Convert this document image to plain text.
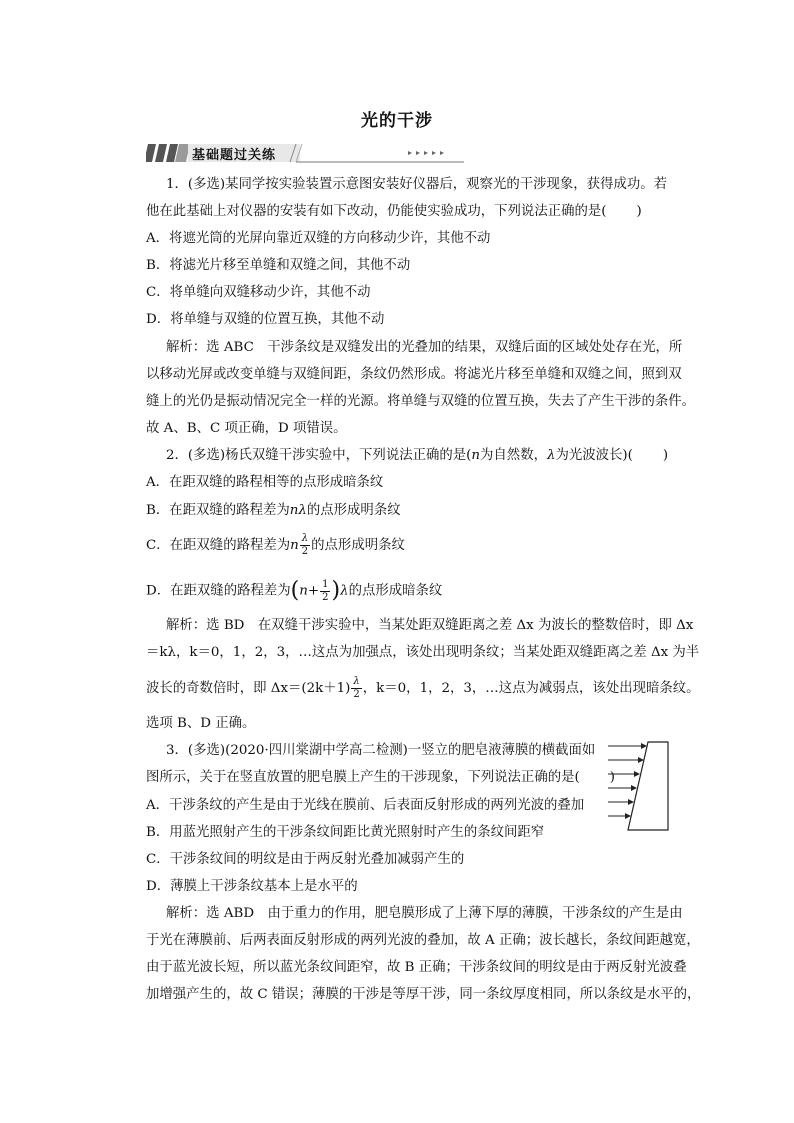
光的干涉
基础题过关练
1．(多选)某同学按实验装置示意图安装好仪器后，观察光的干涉现象，获得成功。若
他在此基础上对仪器的安装有如下改动，仍能使实验成功，下列说法正确的是( )
A．将遮光筒的光屏向靠近双缝的方向移动少许，其他不动
B．将滤光片移至单缝和双缝之间，其他不动
C．将单缝向双缝移动少许，其他不动
D．将单缝与双缝的位置互换，其他不动
解析：选 ABC　干涉条纹是双缝发出的光叠加的结果，双缝后面的区域处处存在光，所
以移动光屏或改变单缝与双缝间距，条纹仍然形成。将滤光片移至单缝和双缝之间，照到双
缝上的光仍是振动情况完全一样的光源。将单缝与双缝的位置互换，失去了产生干涉的条件。
故 A、B、C 项正确，D 项错误。
2．(多选)杨氏双缝干涉实验中，下列说法正确的是(n为自然数，λ为光波波长)( )
A．在距双缝的路程相等的点形成暗条纹
B．在距双缝的路程差为nλ的点形成明条纹
C．在距双缝的路程差为n $\frac{\lambda}{2}$ 的点形成明条纹
D．在距双缝的路程差为$(n+ \frac{1}{2} )\lambda$的点形成暗条纹
解析：选 BD　在双缝干涉实验中，当某处距双缝距离之差 Δx 为波长的整数倍时，即 Δx
＝kλ，k＝0，1，2，3，…这点为加强点，该处出现明条纹；当某处距双缝距离之差 Δx 为半
波长的奇数倍时，即 $\Delta x=(2k+1) \frac{\lambda}{2}$ ，k＝0，1，2，3，…这点为减弱点，该处出现暗条纹。
选项 B、D 正确。
3．(多选)(2020·四川棠湖中学高二检测)一竖立的肥皂液薄膜的横截面如
图所示，关于在竖直放置的肥皂膜上产生的干涉现象，下列说法正确的是( )
A．干涉条纹的产生是由于光线在膜前、后表面反射形成的两列光波的叠加
B．用蓝光照射产生的干涉条纹间距比黄光照射时产生的条纹间距窄
C．干涉条纹间的明纹是由于两反射光叠加减弱产生的
D．薄膜上干涉条纹基本上是水平的
解析：选 ABD　由于重力的作用，肥皂膜形成了上薄下厚的薄膜，干涉条纹的产生是由
于光在薄膜前、后两表面反射形成的两列光波的叠加，故 A 正确；波长越长，条纹间距越宽，
由于蓝光波长短，所以蓝光条纹间距窄，故 B 正确；干涉条纹间的明纹是由于两反射光波叠
加增强产生的，故 C 错误；薄膜的干涉是等厚干涉，同一条纹厚度相同，所以条纹是水平的，
